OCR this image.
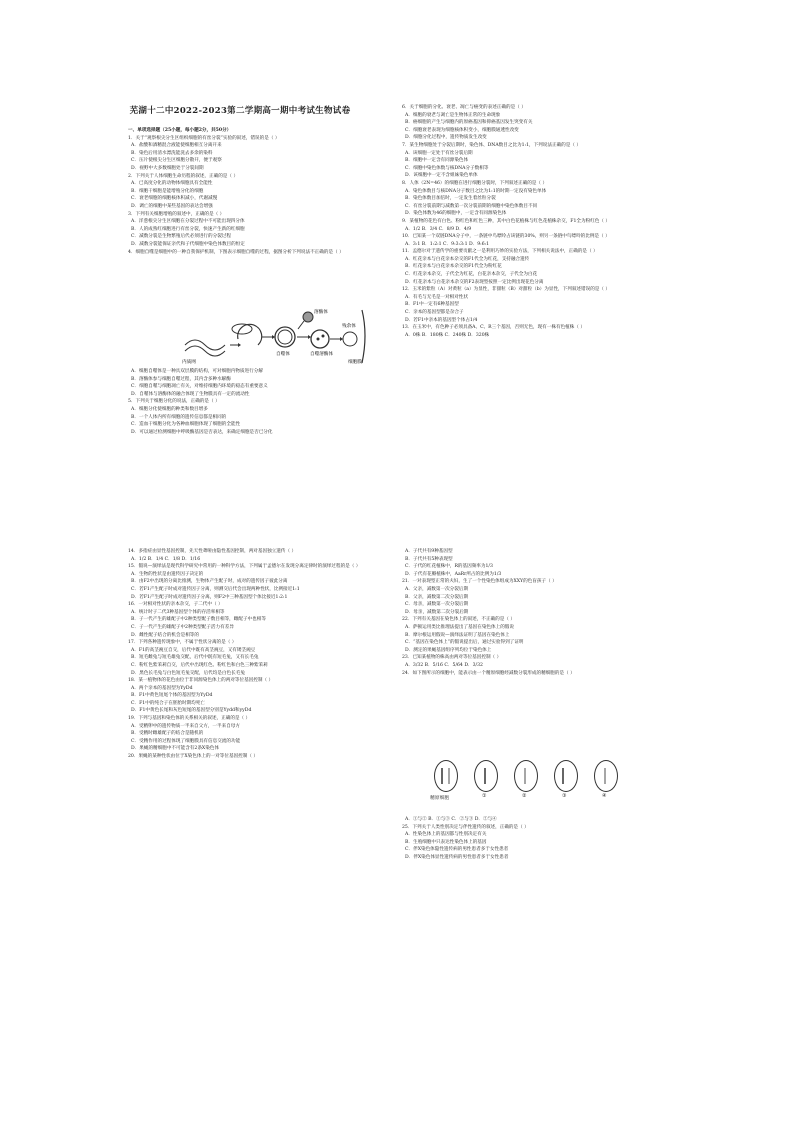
芜湖十二中2022-2023第二学期高一期中考试生物试卷
一、单项选择题（25小题，每小题2分，共50分）
1．关于“观察根尖分生区组织细胞的有丝分裂”实验的叙述，错误的是（ ）
A．盐酸和酒精混合液能使细胞相互分离开来
B．染色后用清水漂洗能洗去多余的染料
C．压片使根尖分生区细胞分散开，便于观察
D．视野中大多数细胞处于分裂间期
2．下列关于人体细胞生命历程的叙述，正确的是（ ）
A．已高度分化的动物体细胞具有全能性
B．细胞干细胞是能增殖分化的细胞
C．衰老细胞的细胞核体积减小，代谢减慢
D．调亡的细胞中某些基因的表达会增强
3．下列有关细胞增殖的叙述中，正确的是（ ）
A．洋葱根尖分生区细胞在分裂过程中不可能出现四分体
B．人的成熟红细胞进行有丝分裂，快速产生新的红细胞
C．减数分裂是生物繁殖后代必须进行的分裂过程
D．减数分裂能保证亲代和子代细胞中染色体数目的恒定
4．细胞自噬是细胞中的一种自我保护机制，下图表示细胞自噬的过程，据图分析下列说法不正确的是（ ）
内质网	细胞膜
自噬体	自噬溶酶体
溶酶体
残余体
A．细胞自噬体是一种具双层膜的结构，可对细胞内物质进行分解
B．溶酶体参与细胞自噬过程，其内含多种水解酶
C．细胞自噬与细胞凋亡有关，对维持细胞内环境的稳态有重要意义
D．自噬体与溶酶体的融合体现了生物膜具有一定的流动性
5．下列关于细胞分化的说法，正确的是（ ）
A．细胞分化使细胞的种类和数目增多
B．一个人体内所有细胞的遗传信息都是相同的
C．造血干细胞分化为各种血细胞体现了细胞的全能性
D．可以通过检测细胞中呼吸酶基因是否表达，来确定细胞是否已分化
6．关于细胞的分化、衰老、凋亡与癌变的表述正确的是（ ）
A．细胞的衰老与凋亡是生物体正常的生命现象
B．癌细胞的产生与细胞内的原癌基因和抑癌基因发生突变有关
C．细胞衰老表现为细胞核体积变小，细胞膜通透性改变
D．细胞分化过程中，遗传物质发生改变
7．某生物细胞处于分裂后期时，染色体、DNA数目之比为1:1，下列说法正确的是（ ）
A．该细胞一定处于有丝分裂后期
B．细胞中一定含有同源染色体
C．细胞中染色体数与核DNA分子数相等
D．该细胞中一定不含姐妹染色单体
8．人体（2N=46）的细胞在进行细胞分裂时，下列叙述正确的是（ ）
A．染色体数目与核DNA分子数目之比为1:1的时期一定没有染色单体
B．染色体数目加倍时，一定发生着丝粒分裂
C．有丝分裂前期与减数第一次分裂前期的细胞中染色体数目不同
D．染色体数为46的细胞中，一定含有同源染色体
9．某植物的花色有白色、粉红色和红色三种，其中白色花植株与红色花植株杂交，F1全为粉红色（ ）
A．1/2 B．3/4 C．8/9 D．4/9
10．已知某一个双链DNA分子中，一条链中鸟嘌呤占该链的30%，则另一条链中鸟嘌呤的比例是（ ）
A．3:1 B．1:2:1 C．9:3:3:1 D．9:6:1
11．孟德尔对于遗传学的重要贡献之一是利用巧妙的实验方法，下列相关说法中，正确的是（ ）
A．红花亲本与白花亲本杂交的F1代全为红花，支持融合遗传
B．红花亲本与白花亲本杂交的F1代全为粉红花
C．红花亲本杂交，子代全为红花，白花亲本杂交，子代全为白花
D．红花亲本与白花亲本杂交的F2表现型按照一定比例出现花色分离
12．玉米的紫粒（A）对黄粒（a）为显性，非甜粒（B）对甜粒（b）为显性，下列叙述错误的是（ ）
A．有毛与无毛是一对相对性状
B．F1中一定有6种基因型
C．亲本的基因型都是杂合子
D．若F1中亲本的基因型个体占1/4
13．在玉米中，有色种子必须具备A、C、R三个基因，否则无色，现有一株有色植株（ ）
A．0株 B．180株 C．240株 D．320株
14．多指症由显性基因控制，先天性聋哑由隐性基因控制，两对基因独立遗传（ ）
A．1/2 B．1/4 C．1/8 D．1/16
15．假说—演绎法是现代科学研究中常用的一种科学方法，下列属于孟德尔在发现分离定律时的演绎过程的是（ ）
A．生物的性状是由遗传因子决定的
B．由F2中出现的分离比推测，生物体产生配子时，成对的遗传因子彼此分离
C．若F1产生配子时成对遗传因子分离，则测交后代会出现两种性状，比例接近1:1
D．若F1产生配子时成对遗传因子分离，则F2中三种基因型个体比接近1:2:1
16．一对相对性状的亲本杂交，子二代中（ ）
A．统计时子二代3种基因型个体的存活率相等
B．子一代产生的雄配子中2种类型配子数目相等，雌配子中也相等
C．子一代产生的雄配子中2种类型配子活力有差异
D．雌性配子结合的机会是相等的
17．下列各种遗传现象中，不属于性状分离的是（ ）
A．F1的高茎豌豆自交，后代中既有高茎豌豆，又有矮茎豌豆
B．短毛雌兔与短毛雄兔交配，后代中既有短毛兔，又有长毛兔
C．粉红色紫茉莉自交，后代中出现红色、粉红色和白色三种紫茉莉
D．黑色长毛兔与白色短毛兔交配，后代均是白色长毛兔
18．某一植物体的花色由位于非同源染色体上的两对等位基因控制（ ）
A．两个亲本的基因型为YyDd
B．F1中黄色短尾个体的基因型为YyDd
C．F1中的纯合子在胚胎时期均死亡
D．F1中黄色长尾和灰色短尾的基因型分别是Yydd和yyDd
19．下列与基因和染色体的关系相关的叙述，正确的是（ ）
A．受精卵中的遗传物质一半来自父方，一半来自母方
B．受精时雌雄配子的结合是随机的
C．受精作用的过程体现了细胞膜具有信息交流的功能
D．果蝇的精细胞中不可能含有2条X染色体
20．果蝇的某种性状由位于X染色体上的一对等位基因控制（ ）
A．子代共有9种基因型
B．子代共有5种表现型
C．子代的红花植株中，R的基因频率为1/3
D．子代有花瓣植株中，AaRr所占的比例为1/3
21．一对表现型正常的夫妇，生了一个性染色体组成为XXY的色盲孩子（ ）
A．父亲，减数第一次分裂后期
B．父亲，减数第二次分裂后期
C．母亲，减数第一次分裂后期
D．母亲，减数第二次分裂后期
22．下列有关基因在染色体上的叙述，不正确的是（ ）
A．萨顿运用类比推理法提出了基因在染色体上的假说
B．摩尔根运用假说—演绎法证明了基因在染色体上
C．“基因在染色体上”的假说提出后，通过实验得到了证明
D．测定的果蝇基因组序列均位于染色体上
23．已知某植物的株高由两对等位基因控制（ ）
A．3/32 B．5/16 C．5/64 D．3/32
24．如下图所示的细胞中，能表示由一个精原细胞经减数分裂形成的精细胞的是（ ）
精原细胞	①	②	③	④
A．①与② B．①与③ C．②与③ D．②与④
25．下列关于人类性别决定与伴性遗传的叙述，正确的是（ ）
A．性染色体上的基因都与性别决定有关
B．生殖细胞中只表达性染色体上的基因
C．伴X染色体隐性遗传病的男性患者多于女性患者
D．伴X染色体显性遗传病的男性患者多于女性患者
